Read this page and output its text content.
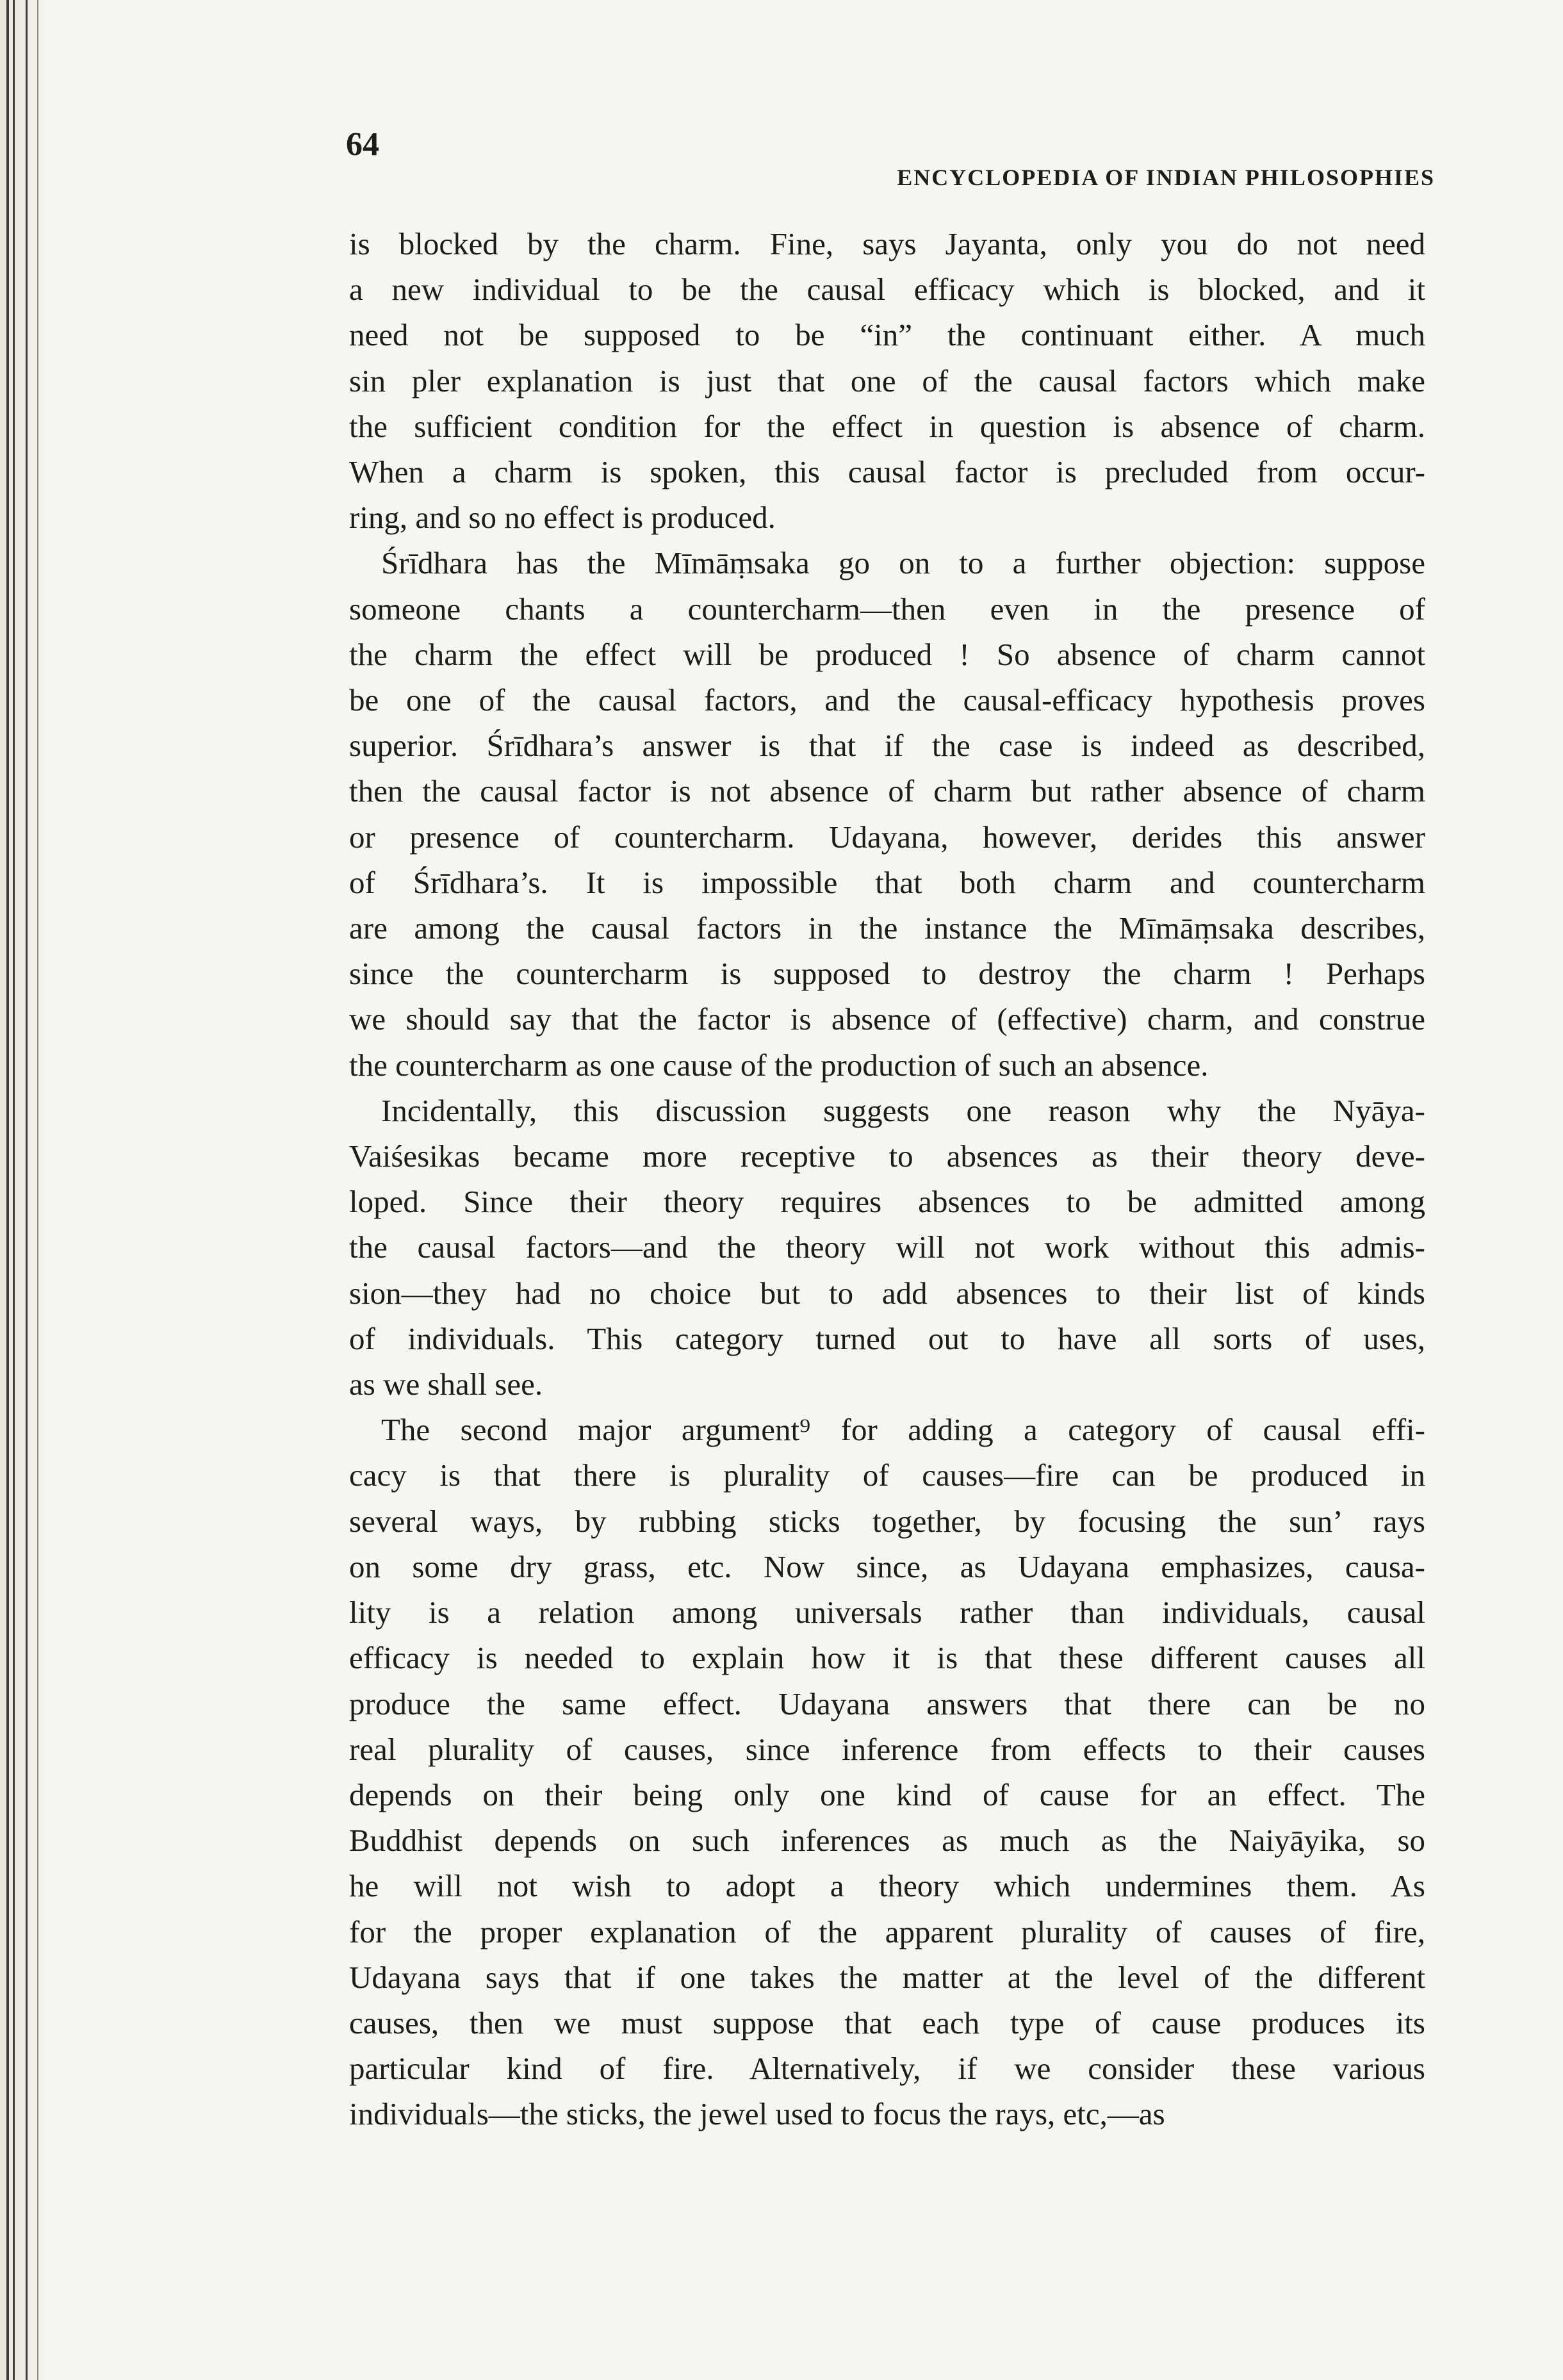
64
ENCYCLOPEDIA OF INDIAN PHILOSOPHIES

is blocked by the charm. Fine, says Jayanta, only you do not need
a new individual to be the causal efficacy which is blocked, and it
need not be supposed to be “in” the continuant either. A much
sin pler explanation is just that one of the causal factors which make
the sufficient condition for the effect in question is absence of charm.
When a charm is spoken, this causal factor is precluded from occur-
ring, and so no effect is produced.

Śrīdhara has the Mīmāṃsaka go on to a further objection: suppose
someone chants a countercharm—then even in the presence of
the charm the effect will be produced ! So absence of charm cannot
be one of the causal factors, and the causal-efficacy hypothesis proves
superior. Śrīdhara’s answer is that if the case is indeed as described,
then the causal factor is not absence of charm but rather absence of charm
or presence of countercharm. Udayana, however, derides this answer
of Śrīdhara’s. It is impossible that both charm and countercharm
are among the causal factors in the instance the Mīmāṃsaka describes,
since the countercharm is supposed to destroy the charm ! Perhaps
we should say that the factor is absence of (effective) charm, and construe
the countercharm as one cause of the production of such an absence.

Incidentally, this discussion suggests one reason why the Nyāya-
Vaiśesikas became more receptive to absences as their theory deve-
loped. Since their theory requires absences to be admitted among
the causal factors—and the theory will not work without this admis-
sion—they had no choice but to add absences to their list of kinds
of individuals. This category turned out to have all sorts of uses,
as we shall see.

The second major argument⁹ for adding a category of causal effi-
cacy is that there is plurality of causes—fire can be produced in
several ways, by rubbing sticks together, by focusing the sun’ rays
on some dry grass, etc. Now since, as Udayana emphasizes, causa-
lity is a relation among universals rather than individuals, causal
efficacy is needed to explain how it is that these different causes all
produce the same effect. Udayana answers that there can be no
real plurality of causes, since inference from effects to their causes
depends on their being only one kind of cause for an effect. The
Buddhist depends on such inferences as much as the Naiyāyika, so
he will not wish to adopt a theory which undermines them. As
for the proper explanation of the apparent plurality of causes of fire,
Udayana says that if one takes the matter at the level of the different
causes, then we must suppose that each type of cause produces its
particular kind of fire. Alternatively, if we consider these various
individuals—the sticks, the jewel used to focus the rays, etc,—as
